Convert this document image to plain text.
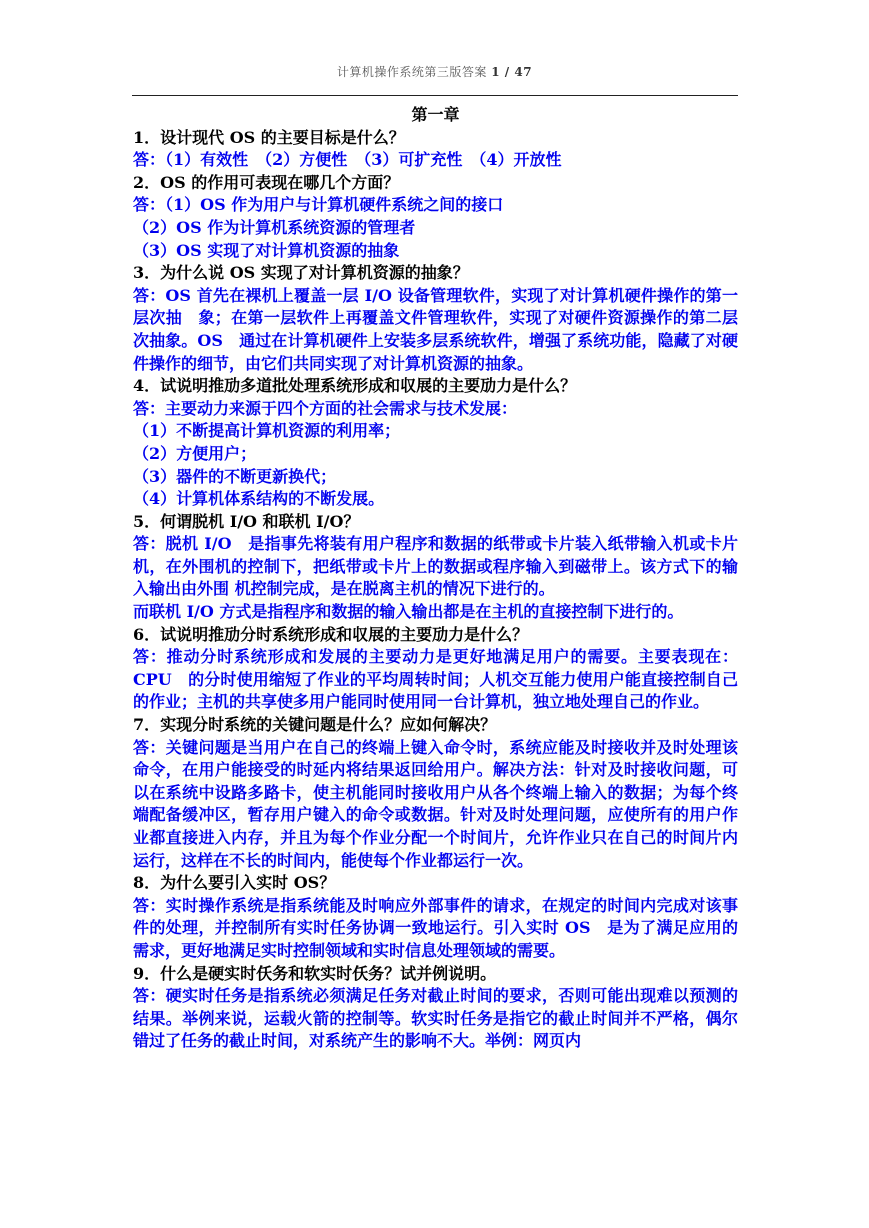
计算机操作系统第三版答案 1 / 47
第一章
1．设计现代 OS 的主要目标是什么？
答：（1）有效性　（2）方便性　（3）可扩充性　（4）开放性
2．OS 的作用可表现在哪几个方面？
答：（1）OS 作为用户与计算机硬件系统之间的接口
（2）OS 作为计算机系统资源的管理者
（3）OS 实现了对计算机资源的抽象
3．为什么说 OS 实现了对计算机资源的抽象？
答：OS 首先在裸机上覆盖一层 I/O 设备管理软件，实现了对计算机硬件操作的第一层次抽　象；在第一层软件上再覆盖文件管理软件，实现了对硬件资源操作的第二层次抽象。OS　通过在计算机硬件上安装多层系统软件，增强了系统功能，隐藏了对硬件操作的细节，由它们共同实现了对计算机资源的抽象。
4．试说明推劢多道批处理系统形成和収展的主要劢力是什么？
答：主要动力来源于四个方面的社会需求与技术发展：
（1）不断提高计算机资源的利用率；
（2）方便用户；
（3）器件的不断更新换代；
（4）计算机体系结构的不断发展。
5．何谓脱机 I/O 和联机 I/O？
答：脱机 I/O　是指事先将装有用户程序和数据的纸带或卡片装入纸带输入机或卡片机，在外围机的控制下，把纸带或卡片上的数据或程序输入到磁带上。该方式下的输入输出由外围 机控制完成，是在脱离主机的情况下进行的。
而联机 I/O 方式是指程序和数据的输入输出都是在主机的直接控制下进行的。
6．试说明推劢分时系统形成和収展的主要劢力是什么？
答：推动分时系统形成和发展的主要动力是更好地满足用户的需要。主要表现在：CPU　的分时使用缩短了作业的平均周转时间；人机交互能力使用户能直接控制自己的作业；主机的共享使多用户能同时使用同一台计算机，独立地处理自己的作业。
7．实现分时系统的关键问题是什么？应如何解决？
答：关键问题是当用户在自己的终端上键入命令时，系统应能及时接收并及时处理该命令，在用户能接受的时延内将结果返回给用户。解决方法：针对及时接收问题，可以在系统中设路多路卡，使主机能同时接收用户从各个终端上输入的数据；为每个终端配备缓冲区，暂存用户键入的命令或数据。针对及时处理问题，应使所有的用户作业都直接进入内存，并且为每个作业分配一个时间片，允许作业只在自己的时间片内运行，这样在不长的时间内，能使每个作业都运行一次。
8．为什么要引入实时 OS？
答：实时操作系统是指系统能及时响应外部事件的请求，在规定的时间内完成对该事件的处理，并控制所有实时任务协调一致地运行。引入实时 OS　是为了满足应用的需求，更好地满足实时控制领域和实时信息处理领域的需要。
9．什么是硬实时仸务和软实时仸务？试并例说明。
答：硬实时任务是指系统必须满足任务对截止时间的要求，否则可能出现难以预测的结果。举例来说，运载火箭的控制等。软实时任务是指它的截止时间并不严格，偶尔错过了任务的截止时间，对系统产生的影响不大。举例：网页内
